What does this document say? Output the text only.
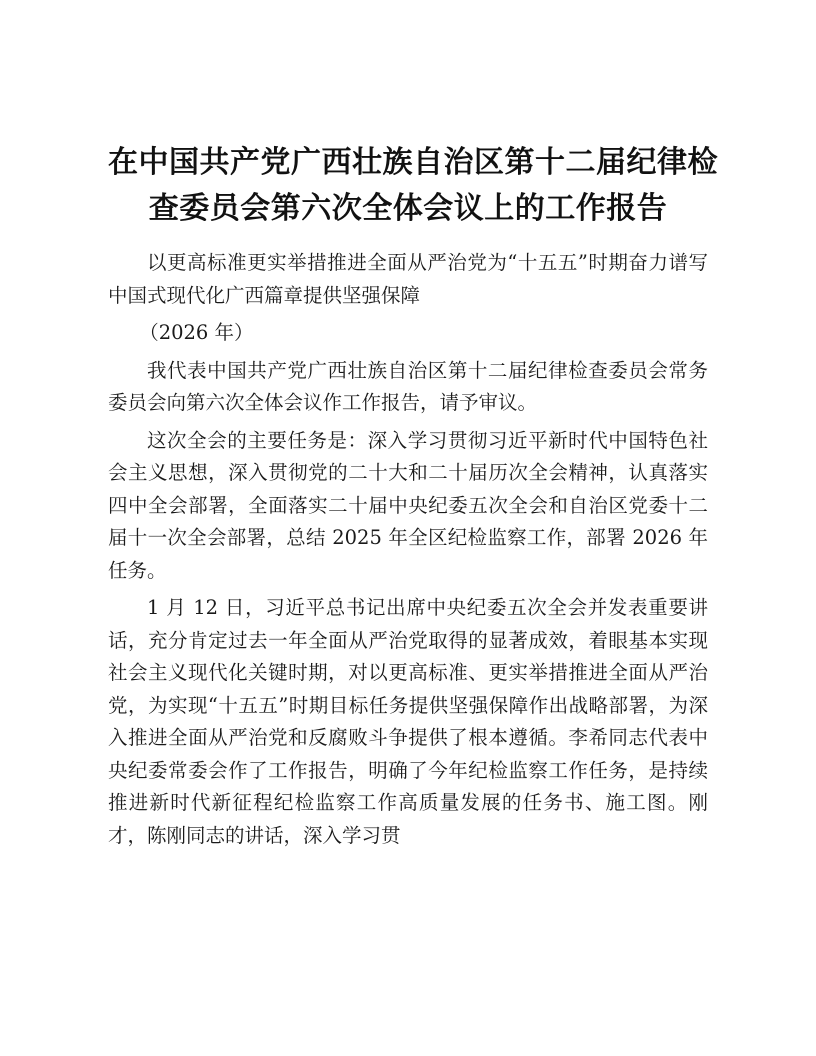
在中国共产党广西壮族自治区第十二届纪律检
查委员会第六次全体会议上的工作报告

以更高标准更实举措推进全面从严治党为“十五五”时期奋力谱写中国式现代化广西篇章提供坚强保障

（2026 年）

我代表中国共产党广西壮族自治区第十二届纪律检查委员会常务委员会向第六次全体会议作工作报告，请予审议。

这次全会的主要任务是：深入学习贯彻习近平新时代中国特色社会主义思想，深入贯彻党的二十大和二十届历次全会精神，认真落实四中全会部署，全面落实二十届中央纪委五次全会和自治区党委十二届十一次全会部署，总结 2025 年全区纪检监察工作，部署 2026 年任务。

1 月 12 日，习近平总书记出席中央纪委五次全会并发表重要讲话，充分肯定过去一年全面从严治党取得的显著成效，着眼基本实现社会主义现代化关键时期，对以更高标准、更实举措推进全面从严治党，为实现“十五五”时期目标任务提供坚强保障作出战略部署，为深入推进全面从严治党和反腐败斗争提供了根本遵循。李希同志代表中央纪委常委会作了工作报告，明确了今年纪检监察工作任务，是持续推进新时代新征程纪检监察工作高质量发展的任务书、施工图。刚才，陈刚同志的讲话，深入学习贯
